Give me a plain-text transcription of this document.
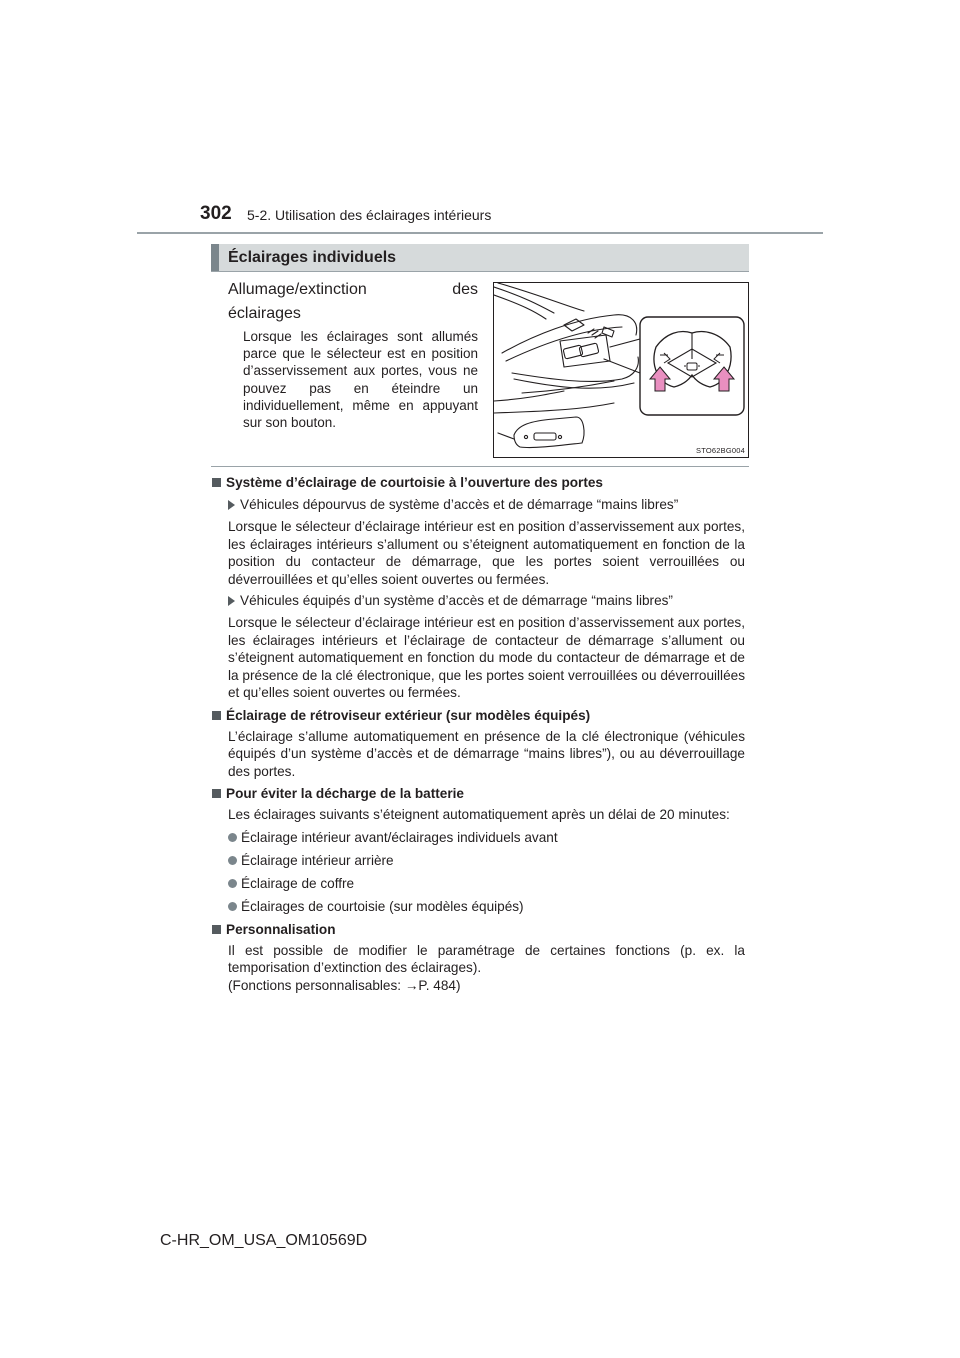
302 5-2. Utilisation des éclairages intérieurs
Éclairages individuels
Allumage/extinction	des
éclairages
Lorsque les éclairages sont allumés parce que le sélecteur est en position d’asservissement aux portes, vous ne pouvez pas en éteindre un individuellement, même en appuyant sur son bouton.
STO62BG004

Système d’éclairage de courtoisie à l’ouverture des portes

Véhicules dépourvus de système d’accès et de démarrage “mains libres”

Lorsque le sélecteur d’éclairage intérieur est en position d’asservissement aux portes, les éclairages intérieurs s’allument ou s’éteignent automatiquement en fonction de la position du contacteur de démarrage, que les portes soient verrouillées ou déverrouillées et qu’elles soient ouvertes ou fermées.

Véhicules équipés d’un système d’accès et de démarrage “mains libres”

Lorsque le sélecteur d’éclairage intérieur est en position d’asservissement aux portes, les éclairages intérieurs et l’éclairage de contacteur de démarrage s’allument ou s’éteignent automatiquement en fonction du mode du contacteur de démarrage et de la présence de la clé électronique, que les portes soient verrouillées ou déverrouillées et qu’elles soient ouvertes ou fermées.

Éclairage de rétroviseur extérieur (sur modèles équipés)

L’éclairage s’allume automatiquement en présence de la clé électronique (véhicules équipés d’un système d’accès et de démarrage “mains libres”), ou au déverrouillage des portes.

Pour éviter la décharge de la batterie

Les éclairages suivants s’éteignent automatiquement après un délai de 20 minutes:

Éclairage intérieur avant/éclairages individuels avant

Éclairage intérieur arrière

Éclairage de coffre

Éclairages de courtoisie (sur modèles équipés)

Personnalisation

Il est possible de modifier le paramétrage de certaines fonctions (p. ex. la temporisation d’extinction des éclairages).

(Fonctions personnalisables: →P. 484)

C-HR_OM_USA_OM10569D
